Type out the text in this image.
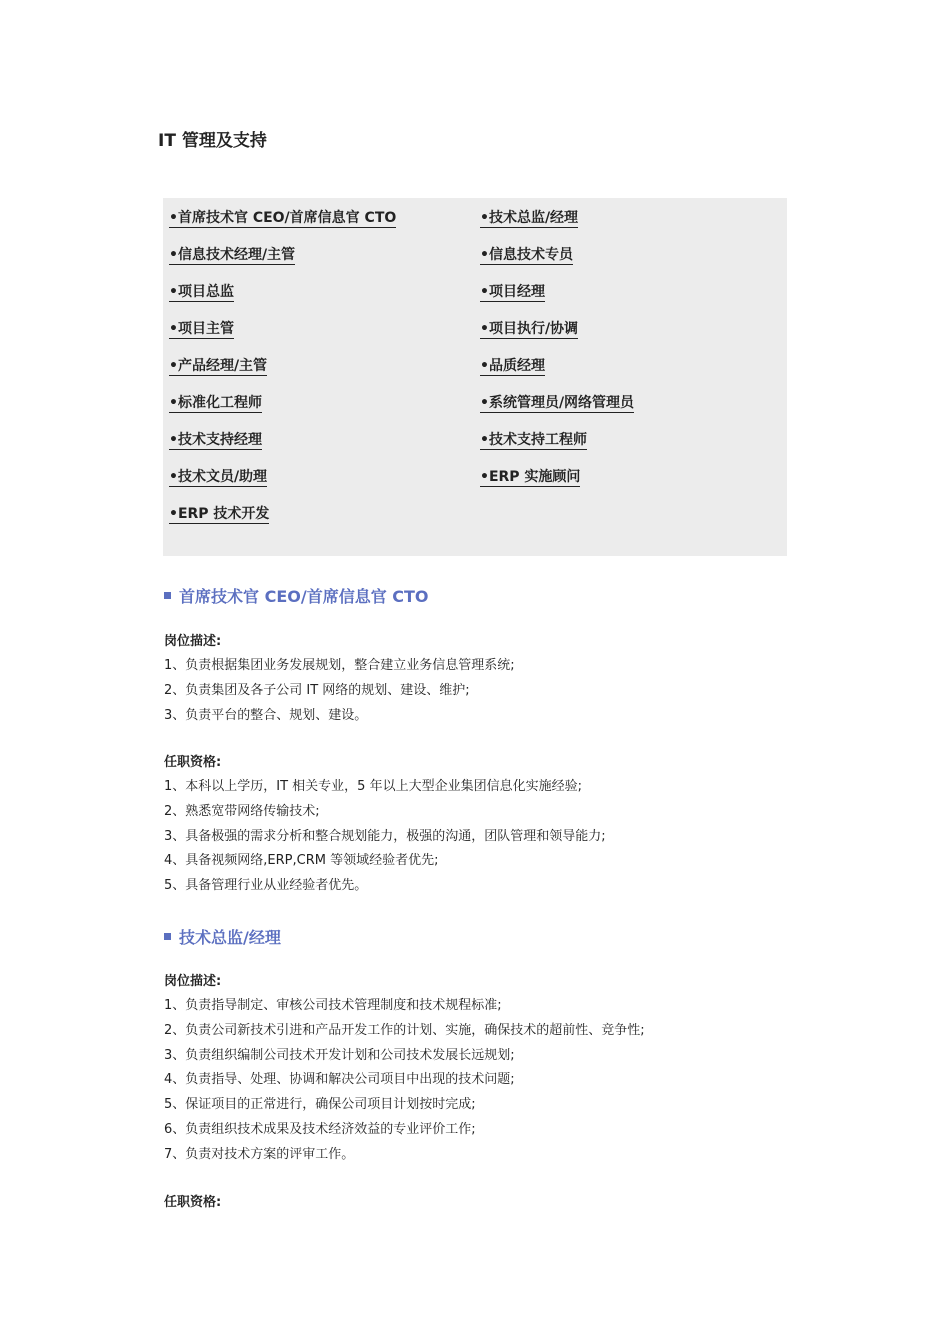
IT 管理及支持
•首席技术官 CEO/首席信息官 CTO
•信息技术经理/主管
•项目总监
•项目主管
•产品经理/主管
•标准化工程师
•技术支持经理
•技术文员/助理
•ERP 技术开发
•技术总监/经理
•信息技术专员
•项目经理
•项目执行/协调
•品质经理
•系统管理员/网络管理员
•技术支持工程师
•ERP 实施顾问
首席技术官 CEO/首席信息官 CTO
岗位描述:
1、负责根据集团业务发展规划，整合建立业务信息管理系统;
2、负责集团及各子公司 IT 网络的规划、建设、维护;
3、负责平台的整合、规划、建设。
任职资格:
1、本科以上学历，IT 相关专业，5 年以上大型企业集团信息化实施经验;
2、熟悉宽带网络传输技术;
3、具备极强的需求分析和整合规划能力，极强的沟通，团队管理和领导能力;
4、具备视频网络,ERP,CRM 等领域经验者优先;
5、具备管理行业从业经验者优先。
技术总监/经理
岗位描述:
1、负责指导制定、审核公司技术管理制度和技术规程标准;
2、负责公司新技术引进和产品开发工作的计划、实施，确保技术的超前性、竞争性;
3、负责组织编制公司技术开发计划和公司技术发展长远规划;
4、负责指导、处理、协调和解决公司项目中出现的技术问题;
5、保证项目的正常进行，确保公司项目计划按时完成;
6、负责组织技术成果及技术经济效益的专业评价工作;
7、负责对技术方案的评审工作。
任职资格:
